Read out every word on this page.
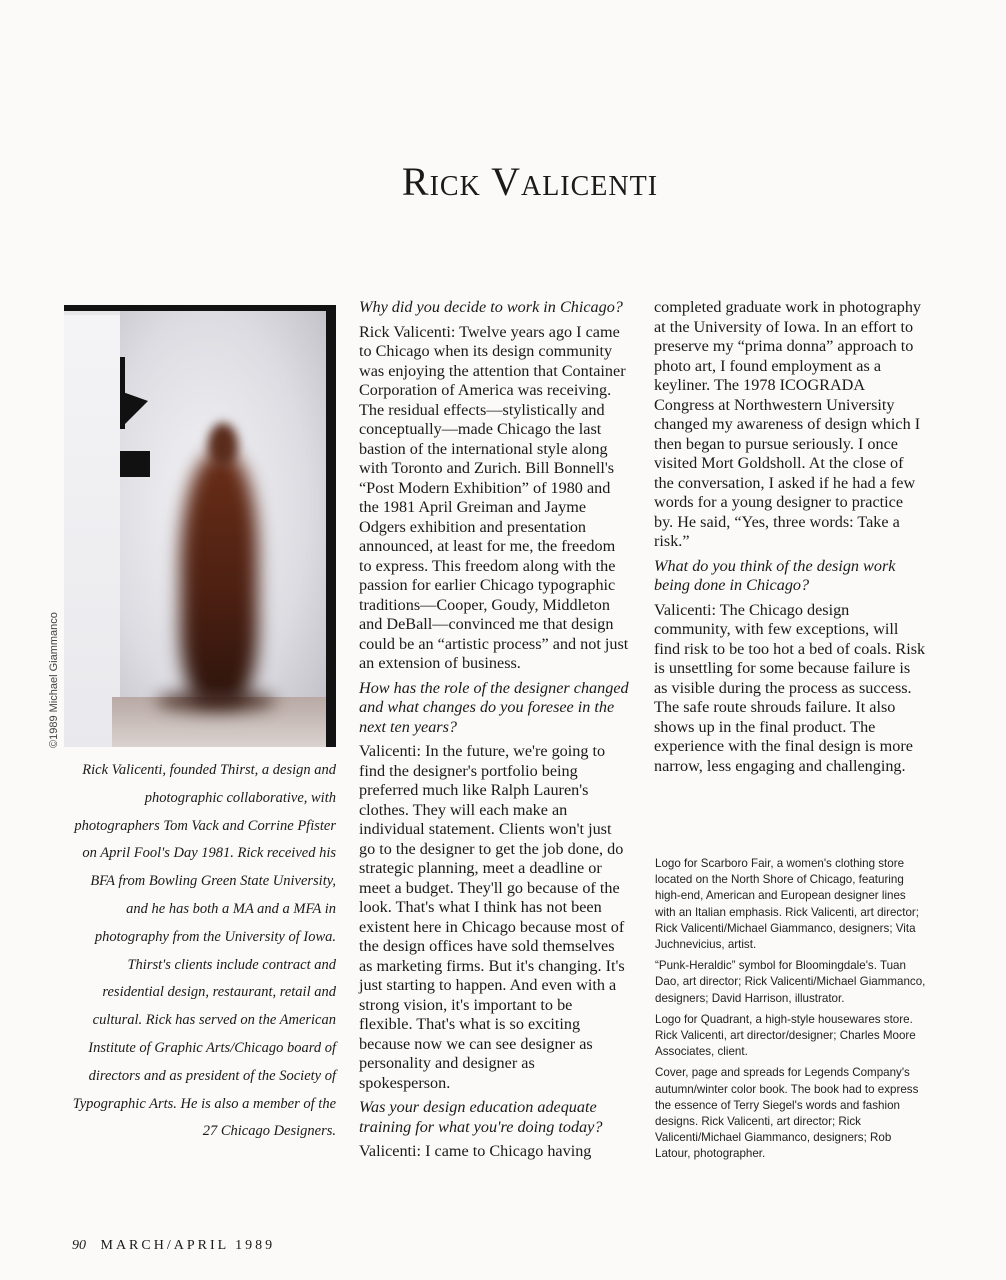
Rick Valicenti
©1989 Michael Giammanco
Rick Valicenti, founded Thirst, a design and photographic collaborative, with photographers Tom Vack and Corrine Pfister on April Fool's Day 1981. Rick received his BFA from Bowling Green State University, and he has both a MA and a MFA in photography from the University of Iowa. Thirst's clients include contract and residential design, restaurant, retail and cultural. Rick has served on the American Institute of Graphic Arts/Chicago board of directors and as president of the Society of Typographic Arts. He is also a member of the 27 Chicago Designers.

Why did you decide to work in Chicago?

Rick Valicenti: Twelve years ago I came to Chicago when its design community was enjoying the attention that Container Corporation of America was receiving. The residual effects—stylistically and conceptually—made Chicago the last bastion of the international style along with Toronto and Zurich. Bill Bonnell's “Post Modern Exhibition” of 1980 and the 1981 April Greiman and Jayme Odgers exhibition and presentation announced, at least for me, the freedom to express. This freedom along with the passion for earlier Chicago typographic traditions—Cooper, Goudy, Middleton and DeBall—convinced me that design could be an “artistic process” and not just an extension of business.

How has the role of the designer changed and what changes do you foresee in the next ten years?

Valicenti: In the future, we're going to find the designer's portfolio being preferred much like Ralph Lauren's clothes. They will each make an individual statement. Clients won't just go to the designer to get the job done, do strategic planning, meet a deadline or meet a budget. They'll go because of the look. That's what I think has not been existent here in Chicago because most of the design offices have sold themselves as marketing firms. But it's changing. It's just starting to happen. And even with a strong vision, it's important to be flexible. That's what is so exciting because now we can see designer as personality and designer as spokesperson.

Was your design education adequate training for what you're doing today?

Valicenti: I came to Chicago having

completed graduate work in photography at the University of Iowa. In an effort to preserve my “prima donna” approach to photo art, I found employment as a keyliner. The 1978 ICOGRADA Congress at Northwestern University changed my awareness of design which I then began to pursue seriously. I once visited Mort Goldsholl. At the close of the conversation, I asked if he had a few words for a young designer to practice by. He said, “Yes, three words: Take a risk.”

What do you think of the design work being done in Chicago?

Valicenti: The Chicago design community, with few exceptions, will find risk to be too hot a bed of coals. Risk is unsettling for some because failure is as visible during the process as success. The safe route shrouds failure. It also shows up in the final product. The experience with the final design is more narrow, less engaging and challenging.

Logo for Scarboro Fair, a women's clothing store located on the North Shore of Chicago, featuring high-end, American and European designer lines with an Italian emphasis. Rick Valicenti, art director; Rick Valicenti/Michael Giammanco, designers; Vita Juchnevicius, artist.

“Punk-Heraldic” symbol for Bloomingdale's. Tuan Dao, art director; Rick Valicenti/Michael Giammanco, designers; David Harrison, illustrator.

Logo for Quadrant, a high-style housewares store. Rick Valicenti, art director/designer; Charles Moore Associates, client.

Cover, page and spreads for Legends Company's autumn/winter color book. The book had to express the essence of Terry Siegel's words and fashion designs. Rick Valicenti, art director; Rick Valicenti/Michael Giammanco, designers; Rob Latour, photographer.

90 MARCH/APRIL 1989
